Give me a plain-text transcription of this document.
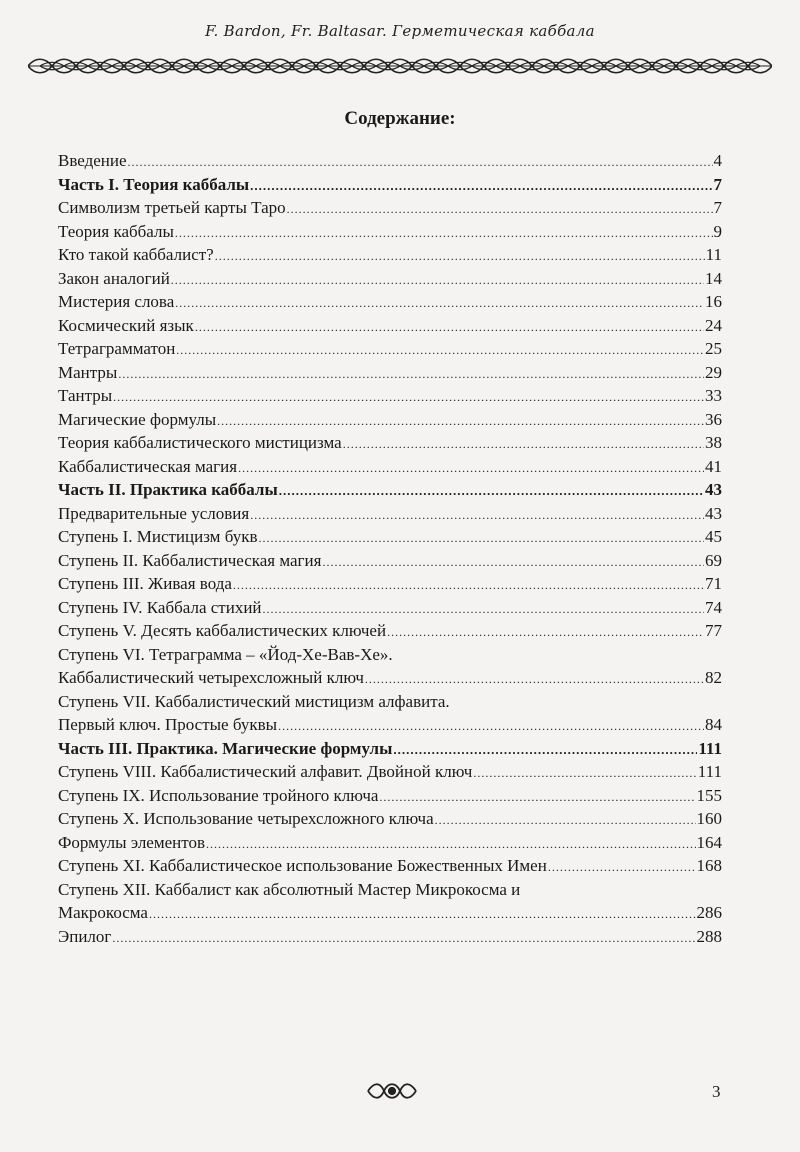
F. Bardon, Fr. Baltasar. Герметическая каббала
Содержание:
Введение .....	4
Часть I. Теория каббалы .....	7
Символизм третьей карты Таро .....	7
Теория каббалы .....	9
Кто такой каббалист? .....	11
Закон аналогий .....	14
Мистерия слова .....	16
Космический язык .....	24
Тетраграмматон .....	25
Мантры .....	29
Тантры .....	33
Магические формулы .....	36
Теория каббалистического мистицизма .....	38
Каббалистическая магия .....	41
Часть II. Практика каббалы .....	43
Предварительные условия .....	43
Ступень I. Мистицизм букв .....	45
Ступень II. Каббалистическая магия .....	69
Ступень III. Живая вода .....	71
Ступень IV. Каббала стихий .....	74
Ступень V. Десять каббалистических ключей .....	77
Ступень VI. Тетраграмма – «Йод-Хе-Вав-Хе».
Каббалистический четырехсложный ключ .....	82
Ступень VII. Каббалистический мистицизм алфавита.
Первый ключ. Простые буквы .....	84
Часть III. Практика. Магические формулы .....	111
Ступень VIII. Каббалистический алфавит. Двойной ключ .....	111
Ступень IX. Использование тройного ключа .....	155
Ступень X. Использование четырехсложного ключа .....	160
Формулы элементов .....	164
Ступень XI. Каббалистическое использование Божественных Имен .....	168
Ступень XII. Каббалист как абсолютный Мастер Микрокосма и
Макрокосма .....	286
Эпилог .....	288
3
